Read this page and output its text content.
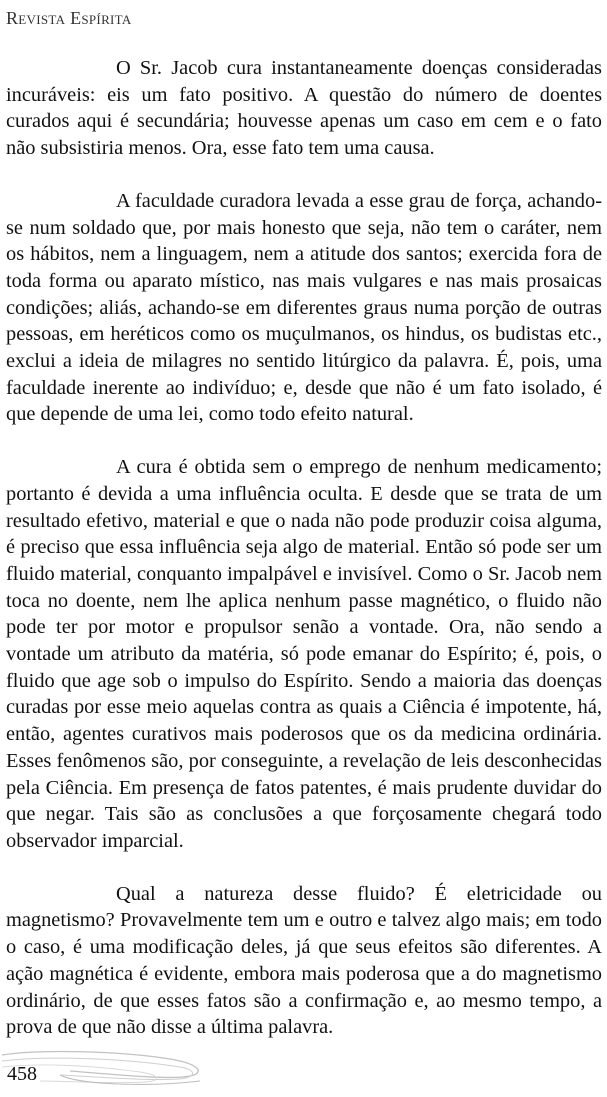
Revista Espírita

O Sr. Jacob cura instantaneamente doenças consideradas incuráveis: eis um fato positivo. A questão do número de doentes curados aqui é secundária; houvesse apenas um caso em cem e o fato não subsistiria menos. Ora, esse fato tem uma causa.

A faculdade curadora levada a esse grau de força, achando-se num soldado que, por mais honesto que seja, não tem o caráter, nem os hábitos, nem a linguagem, nem a atitude dos santos; exercida fora de toda forma ou aparato místico, nas mais vulgares e nas mais prosaicas condições; aliás, achando-se em diferentes graus numa porção de outras pessoas, em heréticos como os muçulmanos, os hindus, os budistas etc., exclui a ideia de milagres no sentido litúrgico da palavra. É, pois, uma faculdade inerente ao indivíduo; e, desde que não é um fato isolado, é que depende de uma lei, como todo efeito natural.

A cura é obtida sem o emprego de nenhum medicamento; portanto é devida a uma influência oculta. E desde que se trata de um resultado efetivo, material e que o nada não pode produzir coisa alguma, é preciso que essa influência seja algo de material. Então só pode ser um fluido material, conquanto impalpável e invisível. Como o Sr. Jacob nem toca no doente, nem lhe aplica nenhum passe magnético, o fluido não pode ter por motor e propulsor senão a vontade. Ora, não sendo a vontade um atributo da matéria, só pode emanar do Espírito; é, pois, o fluido que age sob o impulso do Espírito. Sendo a maioria das doenças curadas por esse meio aquelas contra as quais a Ciência é impotente, há, então, agentes curativos mais poderosos que os da medicina ordinária. Esses fenômenos são, por conseguinte, a revelação de leis desconhecidas pela Ciência. Em presença de fatos patentes, é mais prudente duvidar do que negar. Tais são as conclusões a que forçosamente chegará todo observador imparcial.

Qual a natureza desse fluido? É eletricidade ou magnetismo? Provavelmente tem um e outro e talvez algo mais; em todo o caso, é uma modificação deles, já que seus efeitos são diferentes. A ação magnética é evidente, embora mais poderosa que a do magnetismo ordinário, de que esses fatos são a confirmação e, ao mesmo tempo, a prova de que não disse a última palavra.

458
